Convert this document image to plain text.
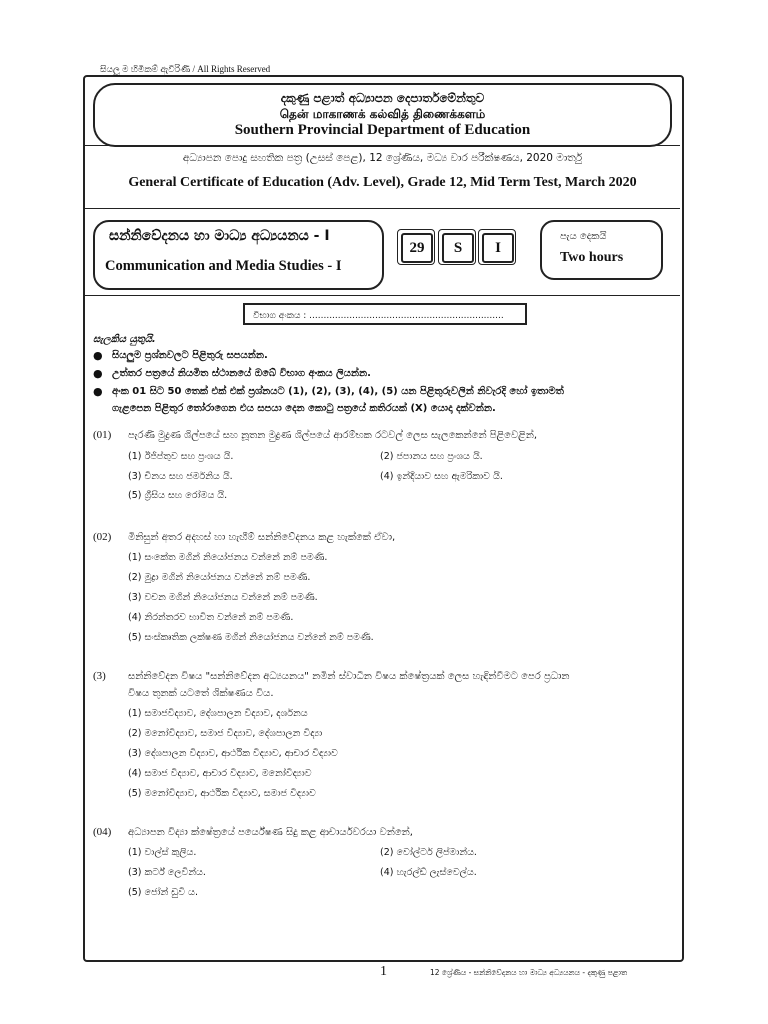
සියලු ම හිමිකම් ඇවිරිණි / All Rights Reserved
දකුණු පළාත් අධ්‍යාපන දෙපාර්තමේන්තුව
தென் மாகாணக் கல்வித் திணைக்களம்
Southern Provincial Department of Education
අධ්‍යාපන පොදු සහතික පත්‍ර (උසස් පෙළ), 12 ශ්‍රේණිය, මධ්‍ය වාර පරීක්ෂණය, 2020 මාර්තු
General Certificate of Education (Adv. Level), Grade 12, Mid Term Test, March 2020
සන්නිවේදනය හා මාධ්‍ය අධ්‍යයනය - I
Communication and Media Studies - I
29	S	I
පැය දෙකයි
Two hours
විභාග අංකය : ....................................................................
සැලකිය යුතුයි.
● සියලුම ප්‍රශ්නවලට පිළිතුරු සපයන්න.
● උත්තර පත්‍රයේ නියමිත ස්ථානයේ ඔබේ විභාග අංකය ලියන්න.
● අංක 01 සිට 50 තෙක් එක් එක් ප්‍රශ්නයට (1), (2), (3), (4), (5) යන පිළිතුරුවලින් නිවැරදි හෝ ඉතාමත්
ගැළපෙන පිළිතුර තෝරාගෙන එය සපයා දෙන කොටු පත්‍රයේ කතිරයක් (X) යොදා දක්වන්න.
(01) පැරණි මුද්‍රණ ශිල්පයේ සහ නූතන මුද්‍රණ ශිල්පයේ ආරම්භක රටවල් ලෙස සැලකෙන්නේ පිළිවෙළින්,
(1) ඊජිප්තුව සහ ප්‍රංශය යි.	(2) ජපානය සහ ප්‍රංශය යි.
(3) චීනය සහ ජර්මනිය යි.	(4) ඉන්දියාව සහ ඇමරිකාව යි.
(5) ග්‍රීසිය සහ රෝමය යි.
(02) මිනිසුන් අතර අදහස් හා හැඟීම් සන්නිවේදනය කළ හැක්කේ ඒවා,
(1) සංකේත මගින් නියෝජනය වන්නේ නම් පමණි.
(2) මුද්‍රා මගින් නියෝජනය වන්නේ නම් පමණි.
(3) වචන මගින් නියෝජනය වන්නේ නම් පමණි.
(4) නිරන්තරව භාවිත වන්නේ නම් පමණි.
(5) සංස්කෘතික ලක්ෂණ මගින් නියෝජනය වන්නේ නම් පමණි.
(3) සන්නිවේදන විෂය "සන්නිවේදන අධ්‍යයනය" නමින් ස්වාධීන විෂය ක්ෂේත්‍රයක් ලෙස හැඳින්වීමට පෙර ප්‍රධාන
විෂය තුනක් යටතේ ශික්ෂණය විය.
(1) සමාජවිද්‍යාව, දේශපාලන විද්‍යාව, දර්ශනය
(2) මනෝවිද්‍යාව, සමාජ විද්‍යාව, දේශපාලන විද්‍යා
(3) දේශපාලන විද්‍යාව, ආර්ථික විද්‍යාව, ආචාර විද්‍යාව
(4) සමාජ විද්‍යාව, ආචාර විද්‍යාව, මනෝවිද්‍යාව
(5) මනෝවිද්‍යාව, ආර්ථික විද්‍යාව, සමාජ විද්‍යාව
(04) අධ්‍යාපන විද්‍යා ක්ෂේත්‍රයේ පර්යේෂණ සිදු කළ ආචාර්යවරයා වන්නේ,
(1) වාල්ස් කුලිය.	(2) වෝල්ටර් ලිප්මාන්ය.
(3) කර්ට් ලෙවින්ය.	(4) හැරල්ඩ් ලැස්වෙල්ය.
(5) ජෝන් ඩුවි ය.
1	12 ශ්‍රේණිය - සන්නිවේදනය හා මාධ්‍ය අධ්‍යයනය - දකුණු පළාත
